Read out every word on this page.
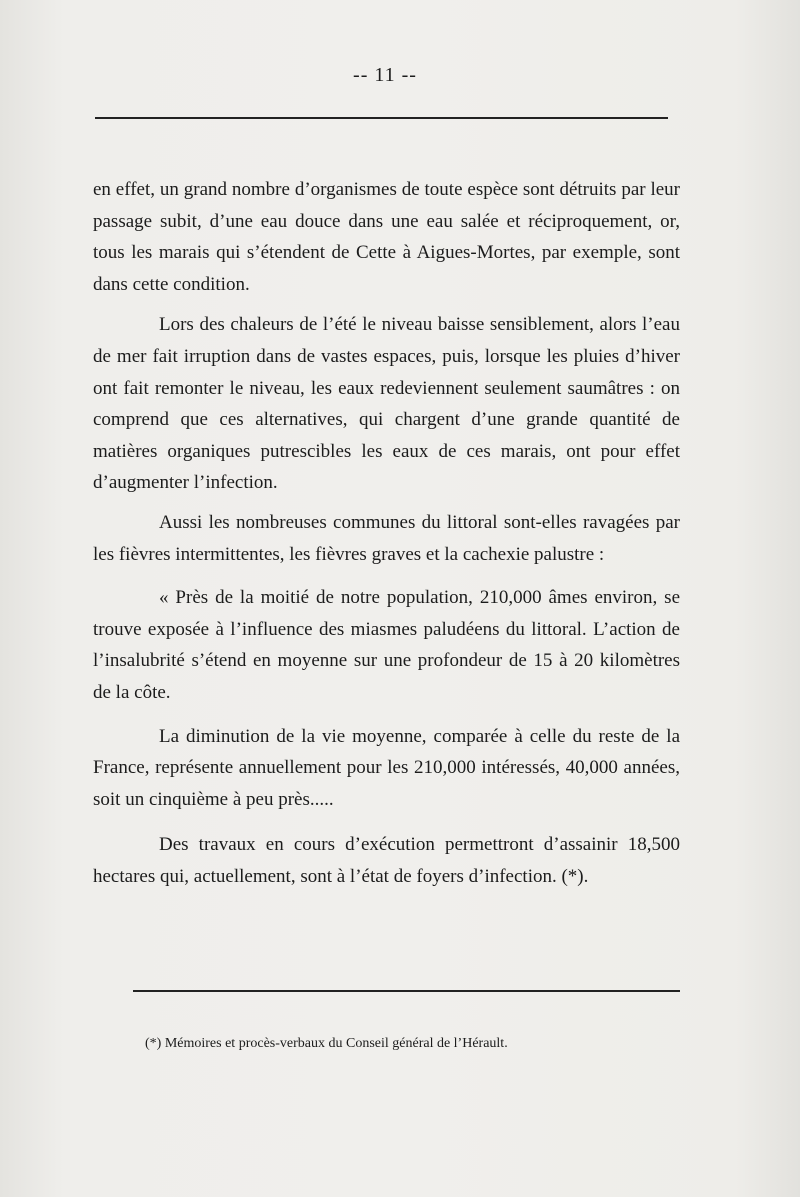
-- 11 --

en effet, un grand nombre d’organismes de toute espèce sont détruits par leur passage subit, d’une eau douce dans une eau salée et réciproquement, or, tous les marais qui s’étendent de Cette à Aigues-Mortes, par exemple, sont dans cette condition.

Lors des chaleurs de l’été le niveau baisse sensiblement, alors l’eau de mer fait irruption dans de vastes espaces, puis, lorsque les pluies d’hiver ont fait remonter le niveau, les eaux redeviennent seulement saumâtres : on comprend que ces alternatives, qui chargent d’une grande quantité de matières organiques putrescibles les eaux de ces marais, ont pour effet d’augmenter l’infection.

Aussi les nombreuses communes du littoral sont-elles ravagées par les fièvres intermittentes, les fièvres graves et la cachexie palustre :

« Près de la moitié de notre population, 210,000 âmes environ, se trouve exposée à l’influence des miasmes paludéens du littoral. L’action de l’insalubrité s’étend en moyenne sur une profondeur de 15 à 20 kilomètres de la côte.

La diminution de la vie moyenne, comparée à celle du reste de la France, représente annuellement pour les 210,000 intéressés, 40,000 années, soit un cinquième à peu près.....

Des travaux en cours d’exécution permettront d’assainir 18,500 hectares qui, actuellement, sont à l’état de foyers d’infection. (*).

(*) Mémoires et procès-verbaux du Conseil général de l’Hérault.
